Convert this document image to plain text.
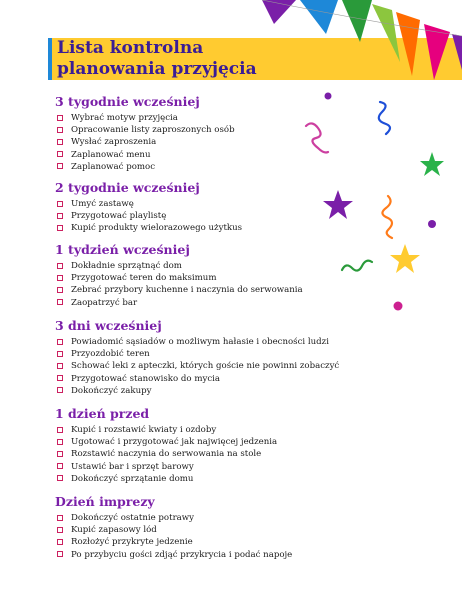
Lista kontrolna
planowania przyjęcia
3 tygodnie wcześniej
Wybrać motyw przyjęcia
Opracowanie listy zaproszonych osób
Wysłać zaproszenia
Zaplanować menu
Zaplanować pomoc
2 tygodnie wcześniej
Umyć zastawę
Przygotować playlistę
Kupić produkty wielorazowego użytkus
1 tydzień wcześniej
Dokładnie sprzątnąć dom
Przygotować teren do maksimum
Zebrać przybory kuchenne i naczynia do serwowania
Zaopatrzyć bar
3 dni wcześniej
Powiadomić sąsiadów o możliwym hałasie i obecności ludzi
Przyozdobić teren
Schować leki z apteczki, których goście nie powinni zobaczyć
Przygotować stanowisko do mycia
Dokończyć zakupy
1 dzień przed
Kupić i rozstawić kwiaty i ozdoby
Ugotować i przygotować jak najwięcej jedzenia
Rozstawić naczynia do serwowania na stole
Ustawić bar i sprzęt barowy
Dokończyć sprzątanie domu
Dzień imprezy
Dokończyć ostatnie potrawy
Kupić zapasowy lód
Rozłożyć przykryte jedzenie
Po przybyciu gości zdjąć przykrycia i podać napoje
